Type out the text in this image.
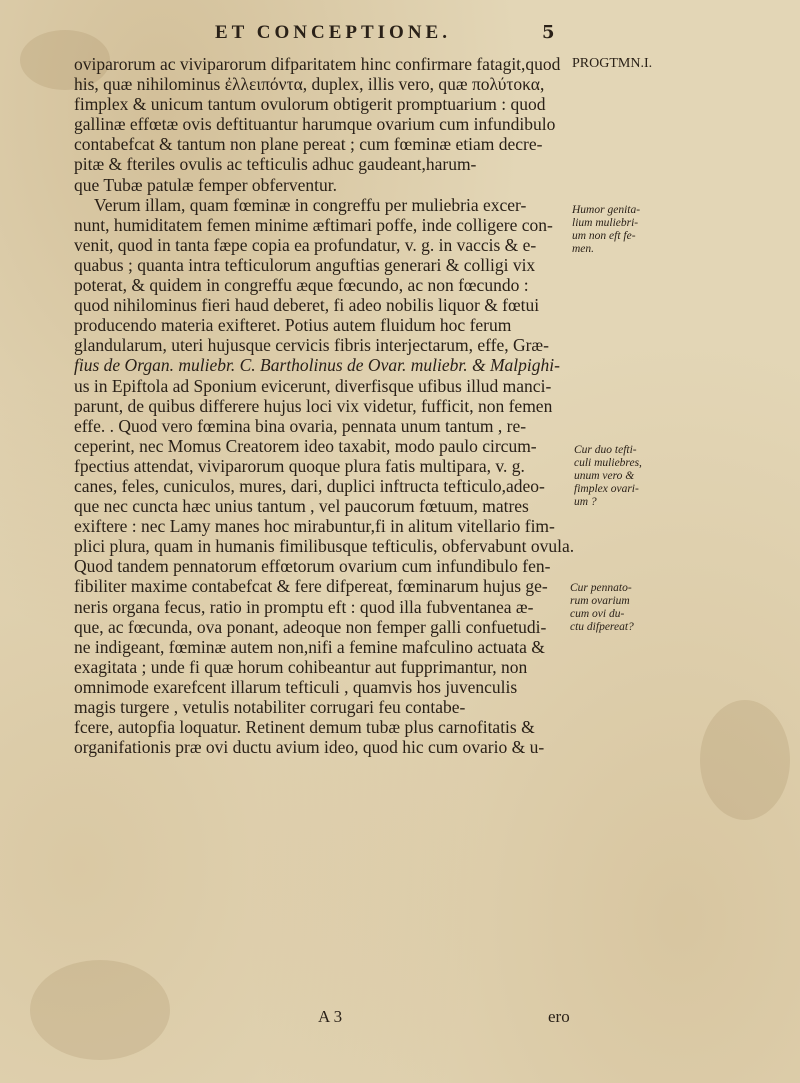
ET CONCEPTIONE.	5
PROGTMN.I.
oviparorum ac viviparorum difparitatem hinc confirmare fatagit,quod
his, quæ nihilominus ἐλλειπόντα, duplex, illis vero, quæ πολύτοκα,
fimplex & unicum tantum ovulorum obtigerit promptuarium : quod
gallinæ effœtæ ovis deftituantur harumque ovarium cum infundibulo
contabefcat & tantum non plane pereat ; cum fœminæ etiam decre-
pitæ & fteriles ovulis ac tefticulis adhuc gaudeant,harum-
que Tubæ patulæ femper obferventur.
Verum illam, quam fœminæ in congreffu per muliebria excer-
nunt, humiditatem femen minime æftimari poffe, inde colligere con-
venit, quod in tanta fæpe copia ea profundatur, v. g. in vaccis & e-
quabus ; quanta intra tefticulorum anguftias generari & colligi vix
poterat, & quidem in congreffu æque fœcundo, ac non fœcundo :
quod nihilominus fieri haud deberet, fi adeo nobilis liquor & fœtui
producendo materia exifteret. Potius autem fluidum hoc ferum
glandularum, uteri hujusque cervicis fibris interjectarum, effe, Græ-
fius de Organ. muliebr. C. Bartholinus de Ovar. muliebr. & Malpighi-
us in Epiftola ad Sponium evicerunt, diverfisque ufibus illud manci-
parunt, de quibus differere hujus loci vix videtur, fufficit, non femen
effe. . Quod vero fœmina bina ovaria, pennata unum tantum , re-
ceperint, nec Momus Creatorem ideo taxabit, modo paulo circum-
fpectius attendat, viviparorum quoque plura fatis multipara, v. g.
canes, feles, cuniculos, mures, dari, duplici inftructa tefticulo,adeo-
que nec cuncta hæc unius tantum , vel paucorum fœtuum, matres
exiftere : nec Lamy manes hoc mirabuntur,fi in alitum vitellario fim-
plici plura, quam in humanis fimilibusque tefticulis, obfervabunt ovula.
Quod tandem pennatorum effœtorum ovarium cum infundibulo fen-
fibiliter maxime contabefcat & fere difpereat, fœminarum hujus ge-
neris organa fecus, ratio in promptu eft : quod illa fubventanea æ-
que, ac fœcunda, ova ponant, adeoque non femper galli confuetudi-
ne indigeant, fœminæ autem non,nifi a femine mafculino actuata &
exagitata ; unde fi quæ horum cohibeantur aut fupprimantur, non
omnimode exarefcent illarum tefticuli , quamvis hos juvenculis
magis turgere , vetulis notabiliter corrugari feu contabe-
fcere, autopfia loquatur. Retinent demum tubæ plus carnofitatis &
organifationis præ ovi ductu avium ideo, quod hic cum ovario & u-
Humor genita-
lium muliebri-
um non eft fe-
men.
Cur duo tefti-
culi muliebres,
unum vero &
fimplex ovari-
um ?
Cur pennato-
rum ovarium
cum ovi du-
ctu difpereat?
A 3	ero
